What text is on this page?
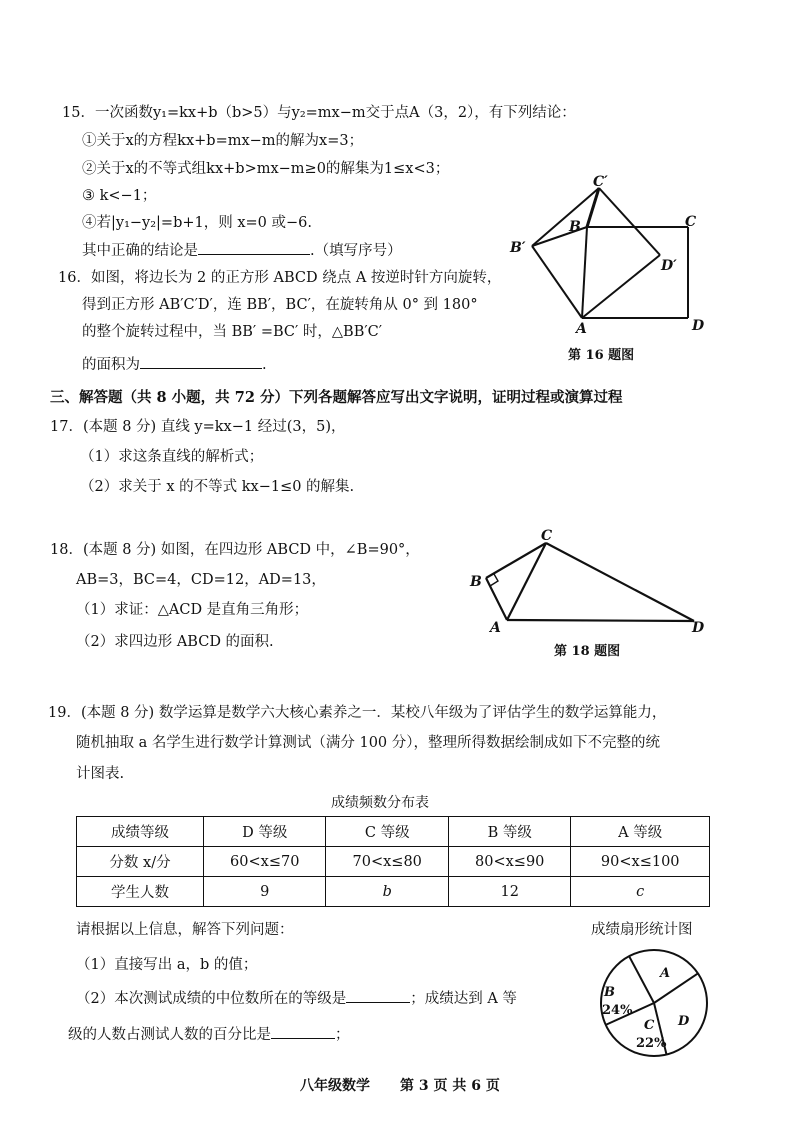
15．一次函数y₁=kx+b（b>5）与y₂=mx−m交于点A（3，2），有下列结论：
①关于x的方程kx+b=mx−m的解为x=3；
②关于x的不等式组kx+b>mx−m≥0的解集为1≤x<3；
③ k<−1；
④若|y₁−y₂|=b+1，则 x=0 或−6.
其中正确的结论是	.（填写序号）
16．如图，将边长为 2 的正方形 ABCD 绕点 A 按逆时针方向旋转，
得到正方形 AB′C′D′，连 BB′，BC′，在旋转角从 0° 到 180°
的整个旋转过程中，当 BB′ =BC′ 时，△BB′C′
的面积为	.
C′
B	C
B′
D′
A	D
第 16 题图
三、解答题（共 8 小题，共 72 分）下列各题解答应写出文字说明，证明过程或演算过程
17．(本题 8 分) 直线 y=kx−1 经过(3，5)，
（1）求这条直线的解析式；
（2）求关于 x 的不等式 kx−1≤0 的解集.
18．(本题 8 分) 如图，在四边形 ABCD 中，∠B=90°，
AB=3，BC=4，CD=12，AD=13，
（1）求证：△ACD 是直角三角形；
（2）求四边形 ABCD 的面积.
C
B
A	D
第 18 题图
19．(本题 8 分) 数学运算是数学六大核心素养之一．某校八年级为了评估学生的数学运算能力，
随机抽取 a 名学生进行数学计算测试（满分 100 分），整理所得数据绘制成如下不完整的统
计图表.
成绩频数分布表
成绩等级	D 等级	C 等级	B 等级	A 等级
分数 x/分	60<x≤70	70<x≤80	80<x≤90	90<x≤100
学生人数	9	b	12	c
请根据以上信息，解答下列问题：	成绩扇形统计图
（1）直接写出 a，b 的值；
（2）本次测试成绩的中位数所在的等级是	；成绩达到 A 等
级的人数占测试人数的百分比是	；
A
B
24%
C
22%
D
八年级数学 第 3 页 共 6 页
